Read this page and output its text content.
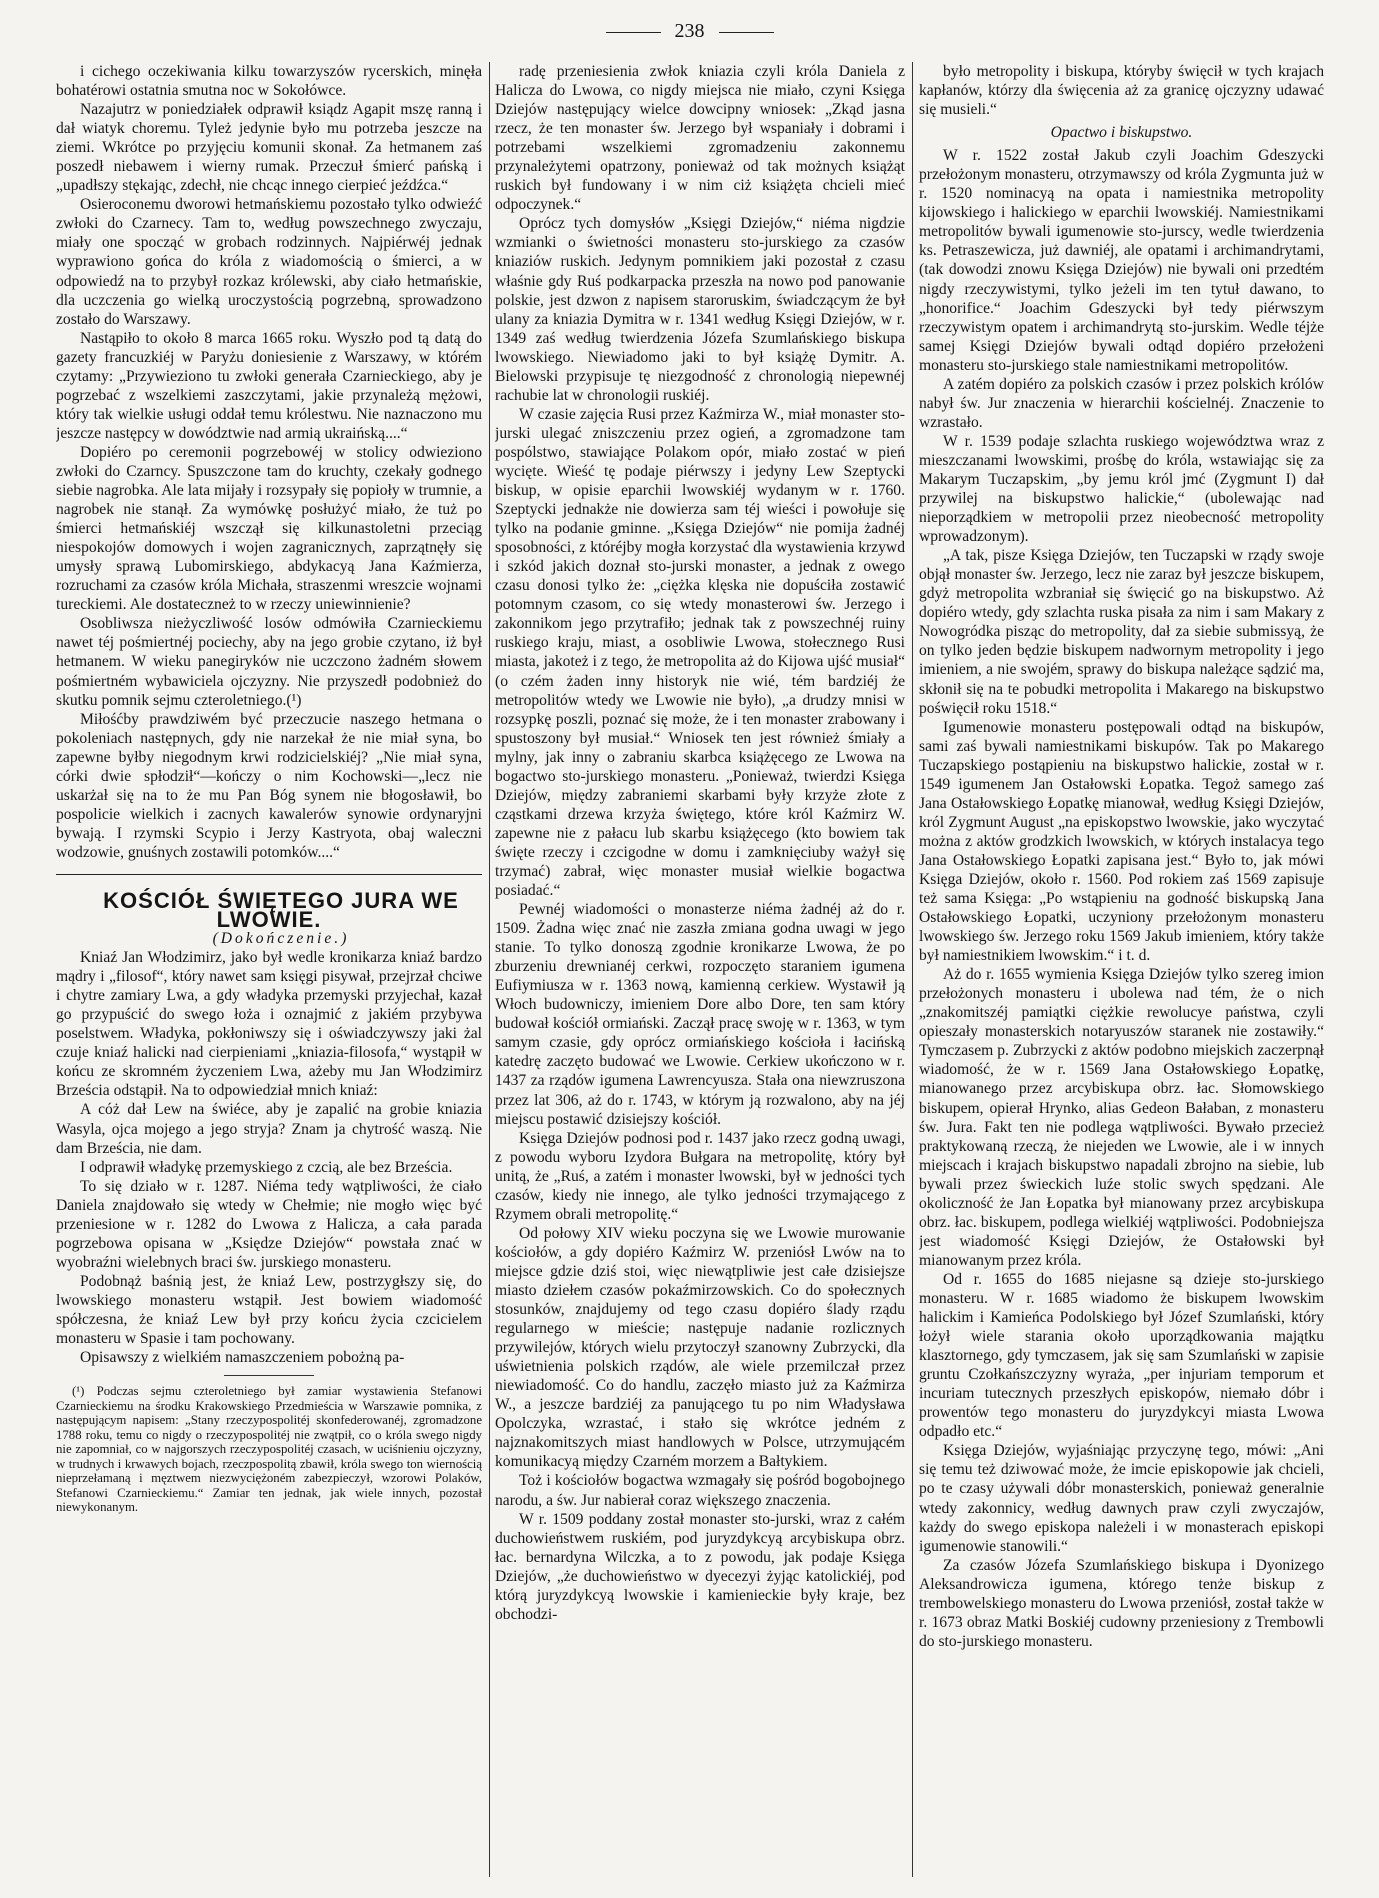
238

i cichego oczekiwania kilku towarzyszów rycerskich, minęła bohatérowi ostatnia smutna noc w Sokołówce.

Nazajutrz w poniedziałek odprawił ksiądz Agapit mszę ranną i dał wiatyk choremu. Tyleż jedynie było mu potrzeba jeszcze na ziemi. Wkrótce po przyjęciu komunii skonał. Za hetmanem zaś poszedł niebawem i wierny rumak. Przeczuł śmierć pańską i „upadłszy stękając, zdechł, nie chcąc innego cierpieć jeźdźca.“

Osieroconemu dworowi hetmańskiemu pozostało tylko odwieźć zwłoki do Czarnecy. Tam to, według powszechnego zwyczaju, miały one spocząć w grobach rodzinnych. Najpiérwéj jednak wyprawiono gońca do króla z wiadomością o śmierci, a w odpowiedź na to przybył rozkaz królewski, aby ciało hetmańskie, dla uczczenia go wielką uroczystością pogrzebną, sprowadzono zostało do Warszawy.

Nastąpiło to około 8 marca 1665 roku. Wyszło pod tą datą do gazety francuzkiéj w Paryżu doniesienie z Warszawy, w którém czytamy: „Przywieziono tu zwłoki generała Czarnieckiego, aby je pogrzebać z wszelkiemi zaszczytami, jakie przynależą mężowi, który tak wielkie usługi oddał temu królestwu. Nie naznaczono mu jeszcze następcy w dowództwie nad armią ukraińską....“

Dopiéro po ceremonii pogrzebowéj w stolicy odwieziono zwłoki do Czarncy. Spuszczone tam do kruchty, czekały godnego siebie nagrobka. Ale lata mijały i rozsypały się popioły w trumnie, a nagrobek nie stanął. Za wymówkę posłużyć miało, że tuż po śmierci hetmańskiéj wszczął się kilkunastoletni przeciąg niespokojów domowych i wojen zagranicznych, zaprzątnęły się umysły sprawą Lubomirskiego, abdykacyą Jana Kaźmierza, rozruchami za czasów króla Michała, straszenmi wreszcie wojnami tureckiemi. Ale dostateczneż to w rzeczy uniewinnienie?

Osobliwsza nieżyczliwość losów odmówiła Czarnieckiemu nawet téj pośmiertnéj pociechy, aby na jego grobie czytano, iż był hetmanem. W wieku panegiryków nie uczczono żadném słowem pośmiertném wybawiciela ojczyzny. Nie przyszedł podobnież do skutku pomnik sejmu czteroletniego.(¹)

Miłośćby prawdziwém być przeczucie naszego hetmana o pokoleniach następnych, gdy nie narzekał że nie miał syna, bo zapewne byłby niegodnym krwi rodzicielskiéj? „Nie miał syna, córki dwie spłodził“—kończy o nim Kochowski—„lecz nie uskarżał się na to że mu Pan Bóg synem nie błogosławił, bo pospolicie wielkich i zacnych kawalerów synowie ordynaryjni bywają. I rzymski Scypio i Jerzy Kastryota, obaj waleczni wodzowie, gnuśnych zostawili potomków....“

KOŚCIÓŁ ŚWIĘTEGO JURA WE LWOWIE.

(Dokończenie.)

Kniaź Jan Włodzimirz, jako był wedle kronikarza kniaź bardzo mądry i „filosof“, który nawet sam księgi pisywał, przejrzał chciwe i chytre zamiary Lwa, a gdy władyka przemyski przyjechał, kazał go przypuścić do swego łoża i oznajmić z jakiém przybywa poselstwem. Władyka, pokłoniwszy się i oświadczywszy jaki żal czuje kniaź halicki nad cierpieniami „kniazia-filosofa,“ wystąpił w końcu ze skromném życzeniem Lwa, ażeby mu Jan Włodzimirz Brześcia odstąpił. Na to odpowiedział mnich kniaź:

A cóż dał Lew na świéce, aby je zapalić na grobie kniazia Wasyla, ojca mojego a jego stryja? Znam ja chytrość waszą. Nie dam Brześcia, nie dam.

I odprawił władykę przemyskiego z czcią, ale bez Brześcia.

To się działo w r. 1287. Niéma tedy wątpliwości, że ciało Daniela znajdowało się wtedy w Chełmie; nie mogło więc być przeniesione w r. 1282 do Lwowa z Halicza, a cała parada pogrzebowa opisana w „Księdze Dziejów“ powstała znać w wyobraźni wielebnych braci św. jurskiego monasteru.

Podobnąż baśnią jest, że kniaź Lew, postrzygłszy się, do lwowskiego monasteru wstąpił. Jest bowiem wiadomość spółczesna, że kniaź Lew był przy końcu życia czcicielem monasteru w Spasie i tam pochowany.

Opisawszy z wielkiém namaszczeniem pobożną pa-

(¹) Podczas sejmu czteroletniego był zamiar wystawienia Stefanowi Czarnieckiemu na środku Krakowskiego Przedmieścia w Warszawie pomnika, z następującym napisem: „Stany rzeczypospolitéj skonfederowanéj, zgromadzone 1788 roku, temu co nigdy o rzeczypospolitéj nie zwątpił, co o króla swego nigdy nie zapomniał, co w najgorszych rzeczypospolitéj czasach, w uciśnieniu ojczyzny, w trudnych i krwawych bojach, rzeczpospolitą zbawił, króla swego ton wiernością nieprzełamaną i męztwem niezwyciężoném zabezpieczył, wzorowi Polaków, Stefanowi Czarnieckiemu.“ Zamiar ten jednak, jak wiele innych, pozostał niewykonanym.

radę przeniesienia zwłok kniazia czyli króla Daniela z Halicza do Lwowa, co nigdy miejsca nie miało, czyni Księga Dziejów następujący wielce dowcipny wniosek: „Zkąd jasna rzecz, że ten monaster św. Jerzego był wspaniały i dobrami i potrzebami wszelkiemi zgromadzeniu zakonnemu przynależytemi opatrzony, ponieważ od tak możnych książąt ruskich był fundowany i w nim ciż książęta chcieli mieć odpoczynek.“

Oprócz tych domysłów „Księgi Dziejów,“ niéma nigdzie wzmianki o świetności monasteru sto-jurskiego za czasów kniaziów ruskich. Jedynym pomnikiem jaki pozostał z czasu właśnie gdy Ruś podkarpacka przeszła na nowo pod panowanie polskie, jest dzwon z napisem staroruskim, świadczącym że był ulany za kniazia Dymitra w r. 1341 według Księgi Dziejów, w r. 1349 zaś według twierdzenia Józefa Szumlańskiego biskupa lwowskiego. Niewiadomo jaki to był książę Dymitr. A. Bielowski przypisuje tę niezgodność z chronologią niepewnéj rachubie lat w chronologii ruskiéj.

W czasie zajęcia Rusi przez Kaźmirza W., miał monaster sto-jurski ulegać zniszczeniu przez ogień, a zgromadzone tam pospólstwo, stawiające Polakom opór, miało zostać w pień wycięte. Wieść tę podaje piérwszy i jedyny Lew Szeptycki biskup, w opisie eparchii lwowskiéj wydanym w r. 1760. Szeptycki jednakże nie dowierza sam téj wieści i powołuje się tylko na podanie gminne. „Księga Dziejów“ nie pomija żadnéj sposobności, z któréjby mogła korzystać dla wystawienia krzywd i szkód jakich doznał sto-jurski monaster, a jednak z owego czasu donosi tylko że: „ciężka klęska nie dopuściła zostawić potomnym czasom, co się wtedy monasterowi św. Jerzego i zakonnikom jego przytrafiło; jednak tak z powszechnéj ruiny ruskiego kraju, miast, a osobliwie Lwowa, stołecznego Rusi miasta, jakoteż i z tego, że metropolita aż do Kijowa ujść musiał“ (o czém żaden inny historyk nie wié, tém bardziéj że metropolitów wtedy we Lwowie nie było), „a drudzy mnisi w rozsypkę poszli, poznać się może, że i ten monaster zrabowany i spustoszony był musiał.“ Wniosek ten jest również śmiały a mylny, jak inny o zabraniu skarbca książęcego ze Lwowa na bogactwo sto-jurskiego monasteru. „Ponieważ, twierdzi Księga Dziejów, między zabraniemi skarbami były krzyże złote z cząstkami drzewa krzyża świętego, które król Kaźmirz W. zapewne nie z pałacu lub skarbu książęcego (kto bowiem tak święte rzeczy i czcigodne w domu i zamknięciuby ważył się trzymać) zabrał, więc monaster musiał wielkie bogactwa posiadać.“

Pewnéj wiadomości o monasterze niéma żadnéj aż do r. 1509. Żadna więc znać nie zaszła zmiana godna uwagi w jego stanie. To tylko donoszą zgodnie kronikarze Lwowa, że po zburzeniu drewnianéj cerkwi, rozpoczęto staraniem igumena Eufiymiusza w r. 1363 nową, kamienną cerkiew. Wystawił ją Włoch budowniczy, imieniem Dore albo Dore, ten sam który budował kościół ormiański. Zaczął pracę swoję w r. 1363, w tym samym czasie, gdy oprócz ormiańskiego kościoła i łacińską katedrę zaczęto budować we Lwowie. Cerkiew ukończono w r. 1437 za rządów igumena Lawrencyusza. Stała ona niewzruszona przez lat 306, aż do r. 1743, w którym ją rozwalono, aby na jéj miejscu postawić dzisiejszy kościół.

Księga Dziejów podnosi pod r. 1437 jako rzecz godną uwagi, z powodu wyboru Izydora Bułgara na metropolitę, który był unitą, że „Ruś, a zatém i monaster lwowski, był w jedności tych czasów, kiedy nie innego, ale tylko jedności trzymającego z Rzymem obrali metropolitę.“

Od połowy XIV wieku poczyna się we Lwowie murowanie kościołów, a gdy dopiéro Kaźmirz W. przeniósł Lwów na to miejsce gdzie dziś stoi, więc niewątpliwie jest całe dzisiejsze miasto dziełem czasów pokaźmirzowskich. Co do społecznych stosunków, znajdujemy od tego czasu dopiéro ślady rządu regularnego w mieście; następuje nadanie rozlicznych przywilejów, których wielu przytoczył szanowny Zubrzycki, dla uświetnienia polskich rządów, ale wiele przemilczał przez niewiadomość. Co do handlu, zaczęło miasto już za Kaźmirza W., a jeszcze bardziéj za panującego tu po nim Władysława Opolczyka, wzrastać, i stało się wkrótce jedném z najznakomitszych miast handlowych w Polsce, utrzymującém komunikacyą między Czarném morzem a Bałtykiem.

Toż i kościołów bogactwa wzmagały się pośród bogobojnego narodu, a św. Jur nabierał coraz większego znaczenia.

W r. 1509 poddany został monaster sto-jurski, wraz z całém duchowieństwem ruskiém, pod juryzdykcyą arcybiskupa obrz. łac. bernardyna Wilczka, a to z powodu, jak podaje Księga Dziejów, „że duchowieństwo w dyecezyi żyjąc katolickiéj, pod którą juryzdykcyą lwowskie i kamienieckie były kraje, bez obchodzi-

było metropolity i biskupa, któryby święcił w tych krajach kapłanów, którzy dla święcenia aż za granicę ojczyzny udawać się musieli.“

Opactwo i biskupstwo.

W r. 1522 został Jakub czyli Joachim Gdeszycki przełożonym monasteru, otrzymawszy od króla Zygmunta już w r. 1520 nominacyą na opata i namiestnika metropolity kijowskiego i halickiego w eparchii lwowskiéj. Namiestnikami metropolitów bywali igumenowie sto-jurscy, wedle twierdzenia ks. Petraszewicza, już dawniéj, ale opatami i archimandrytami, (tak dowodzi znowu Księga Dziejów) nie bywali oni przedtém nigdy rzeczywistymi, tylko jeżeli im ten tytuł dawano, to „honorifice.“ Joachim Gdeszycki był tedy piérwszym rzeczywistym opatem i archimandrytą sto-jurskim. Wedle téjże samej Księgi Dziejów bywali odtąd dopiéro przełożeni monasteru sto-jurskiego stale namiestnikami metropolitów.

A zatém dopiéro za polskich czasów i przez polskich królów nabył św. Jur znaczenia w hierarchii kościelnéj. Znaczenie to wzrastało.

W r. 1539 podaje szlachta ruskiego województwa wraz z mieszczanami lwowskimi, prośbę do króla, wstawiając się za Makarym Tuczapskim, „by jemu król jmć (Zygmunt I) dał przywilej na biskupstwo halickie,“ (ubolewając nad nieporządkiem w metropolii przez nieobecność metropolity wprowadzonym).

„A tak, pisze Księga Dziejów, ten Tuczapski w rządy swoje objął monaster św. Jerzego, lecz nie zaraz był jeszcze biskupem, gdyż metropolita wzbraniał się święcić go na biskupstwo. Aż dopiéro wtedy, gdy szlachta ruska pisała za nim i sam Makary z Nowogródka pisząc do metropolity, dał za siebie submissyą, że on tylko jeden będzie biskupem nadwornym metropolity i jego imieniem, a nie swojém, sprawy do biskupa należące sądzić ma, skłonił się na te pobudki metropolita i Makarego na biskupstwo poświęcił roku 1518.“

Igumenowie monasteru postępowali odtąd na biskupów, sami zaś bywali namiestnikami biskupów. Tak po Makarego Tuczapskiego postąpieniu na biskupstwo halickie, został w r. 1549 igumenem Jan Ostałowski Łopatka. Tegoż samego zaś Jana Ostałowskiego Łopatkę mianował, według Księgi Dziejów, król Zygmunt August „na episkopstwo lwowskie, jako wyczytać można z aktów grodzkich lwowskich, w których instalacya tego Jana Ostałowskiego Łopatki zapisana jest.“ Było to, jak mówi Księga Dziejów, około r. 1560. Pod rokiem zaś 1569 zapisuje też sama Księga: „Po wstąpieniu na godność biskupską Jana Ostałowskiego Łopatki, uczyniony przełożonym monasteru lwowskiego św. Jerzego roku 1569 Jakub imieniem, który także był namiestnikiem lwowskim.“ i t. d.

Aż do r. 1655 wymienia Księga Dziejów tylko szereg imion przełożonych monasteru i ubolewa nad tém, że o nich „znakomitszéj pamiątki ciężkie rewolucye państwa, czyli opieszały monasterskich notaryuszów staranek nie zostawiły.“ Tymczasem p. Zubrzycki z aktów podobno miejskich zaczerpnął wiadomość, że w r. 1569 Jana Ostałowskiego Łopatkę, mianowanego przez arcybiskupa obrz. łac. Słomowskiego biskupem, opierał Hrynko, alias Gedeon Bałaban, z monasteru św. Jura. Fakt ten nie podlega wątpliwości. Bywało przecież praktykowaną rzeczą, że niejeden we Lwowie, ale i w innych miejscach i krajach biskupstwo napadali zbrojno na siebie, lub bywali przez świeckich luźe stolic swych spędzani. Ale okoliczność że Jan Łopatka był mianowany przez arcybiskupa obrz. łac. biskupem, podlega wielkiéj wątpliwości. Podobniejsza jest wiadomość Księgi Dziejów, że Ostałowski był mianowanym przez króla.

Od r. 1655 do 1685 niejasne są dzieje sto-jurskiego monasteru. W r. 1685 wiadomo że biskupem lwowskim halickim i Kamieńca Podolskiego był Józef Szumlański, który łożył wiele starania około uporządkowania majątku klasztornego, gdy tymczasem, jak się sam Szumlański w zapisie gruntu Czołkańszczyzny wyraża, „per injuriam temporum et incuriam tutecznych przeszłych episkopów, niemało dóbr i prowentów tego monasteru do juryzdykcyi miasta Lwowa odpadło etc.“

Księga Dziejów, wyjaśniając przyczynę tego, mówi: „Ani się temu też dziwować może, że imcie episkopowie jak chcieli, po te czasy używali dóbr monasterskich, ponieważ generalnie wtedy zakonnicy, według dawnych praw czyli zwyczajów, każdy do swego episkopa należeli i w monasterach episkopi igumenowie stanowili.“

Za czasów Józefa Szumlańskiego biskupa i Dyonizego Aleksandrowicza igumena, którego tenże biskup z trembowelskiego monasteru do Lwowa przeniósł, został także w r. 1673 obraz Matki Boskiéj cudowny przeniesiony z Trembowli do sto-jurskiego monasteru.
